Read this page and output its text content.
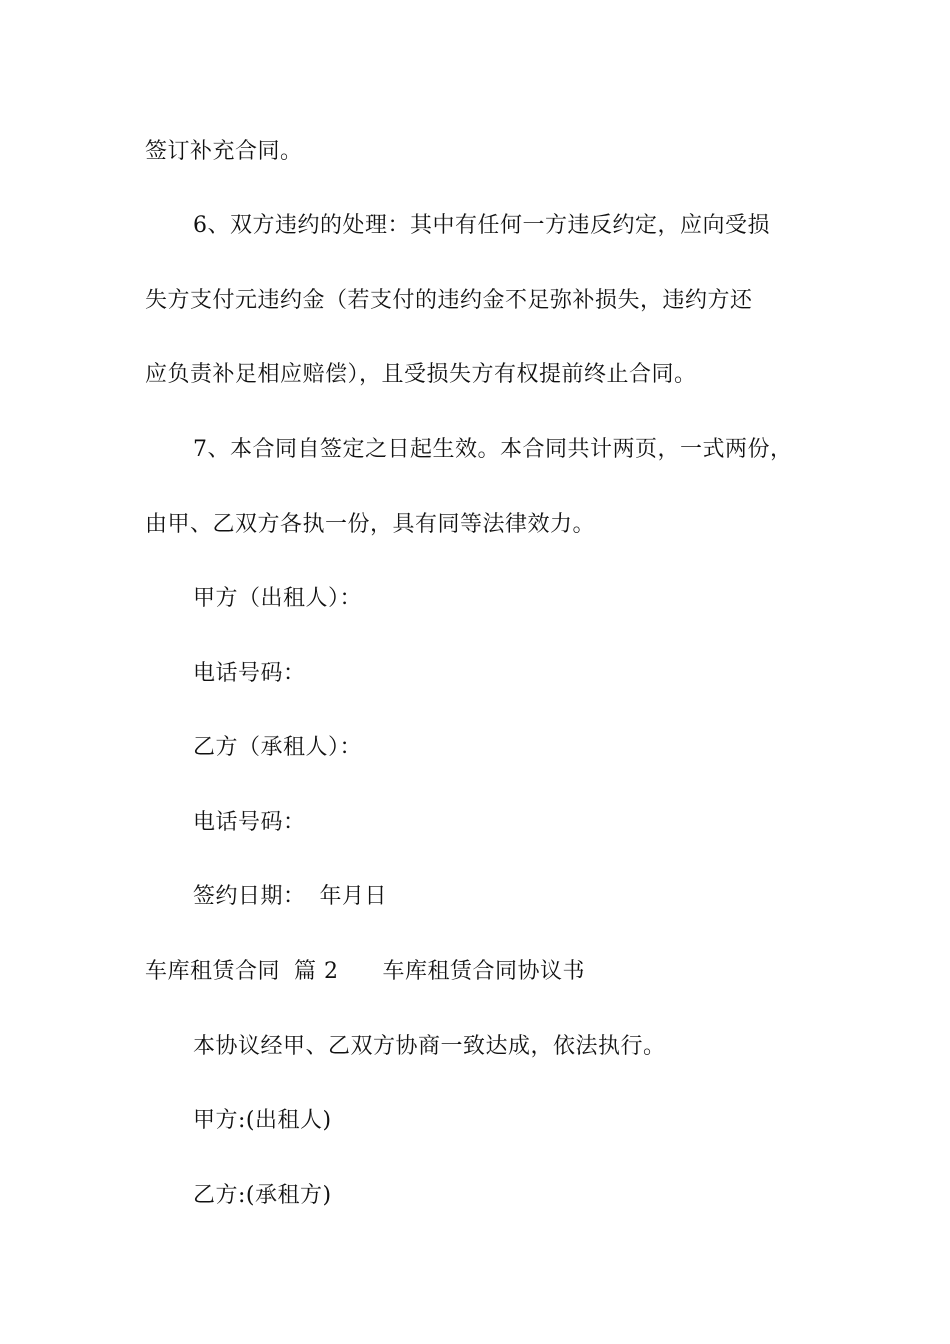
签订补充合同。
6、双方违约的处理：其中有任何一方违反约定，应向受损
失方支付元违约金（若支付的违约金不足弥补损失，违约方还
应负责补足相应赔偿），且受损失方有权提前终止合同。
7、本合同自签定之日起生效。本合同共计两页，一式两份，
由甲、乙双方各执一份，具有同等法律效力。
甲方（出租人）：
电话号码：
乙方（承租人）：
电话号码：
签约日期： 年月日
车库租赁合同 篇 2 车库租赁合同协议书
本协议经甲、乙双方协商一致达成，依法执行。
甲方:(出租人)
乙方:(承租方)
